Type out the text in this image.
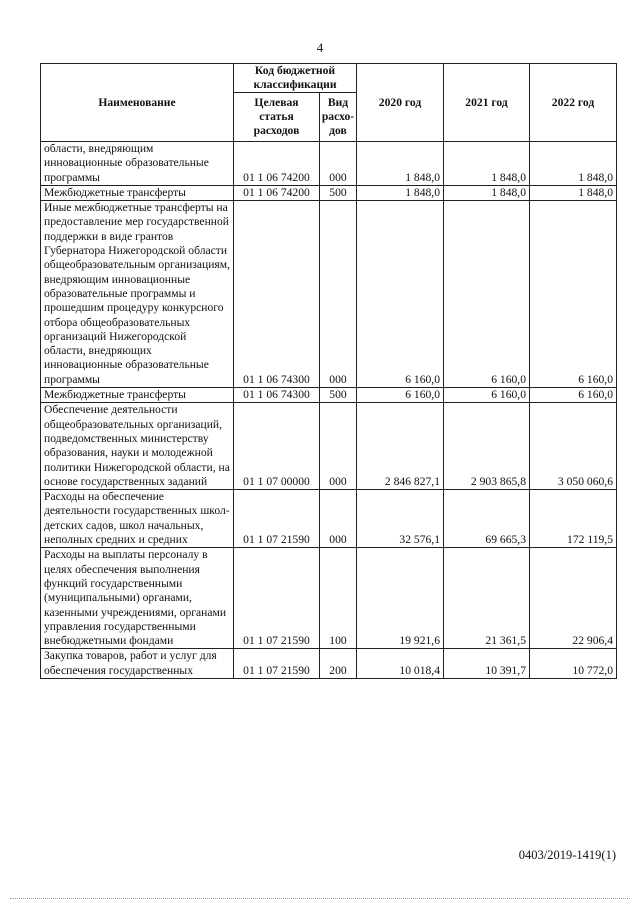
4
Наименование	Код бюджетной классификации		2020 год	2021 год	2022 год
	Целевая статья расходов	Вид расхо-дов			
области, внедряющим инновационные образовательные программы	01 1 06 74200	000	1 848,0	1 848,0	1 848,0
Межбюджетные трансферты	01 1 06 74200	500	1 848,0	1 848,0	1 848,0
Иные межбюджетные трансферты на предоставление мер государственной поддержки в виде грантов Губернатора Нижегородской области общеобразовательным организациям, внедряющим инновационные образовательные программы и прошедшим процедуру конкурсного отбора общеобразовательных организаций Нижегородской области, внедряющих инновационные образовательные программы	01 1 06 74300	000	6 160,0	6 160,0	6 160,0
Межбюджетные трансферты	01 1 06 74300	500	6 160,0	6 160,0	6 160,0
Обеспечение деятельности общеобразовательных организаций, подведомственных министерству образования, науки и молодежной политики Нижегородской области, на основе государственных заданий	01 1 07 00000	000	2 846 827,1	2 903 865,8	3 050 060,6
Расходы на обеспечение деятельности государственных школ-детских садов, школ начальных, неполных средних и средних	01 1 07 21590	000	32 576,1	69 665,3	172 119,5
Расходы на выплаты персоналу в целях обеспечения выполнения функций государственными (муниципальными) органами, казенными учреждениями, органами управления государственными внебюджетными фондами	01 1 07 21590	100	19 921,6	21 361,5	22 906,4
Закупка товаров, работ и услуг для обеспечения государственных	01 1 07 21590	200	10 018,4	10 391,7	10 772,0
0403/2019-1419(1)
